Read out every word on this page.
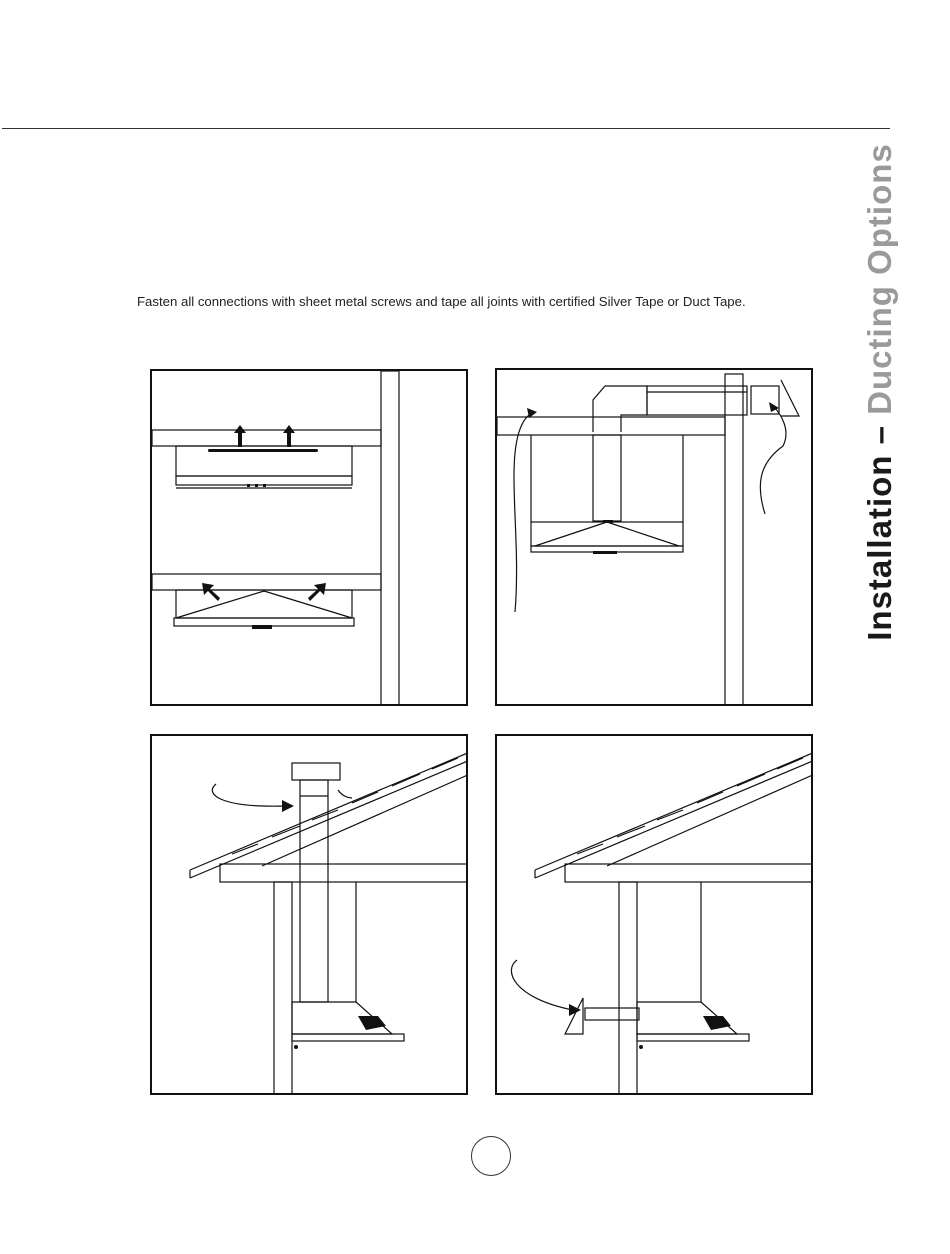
Installation – Ducting Options
Fasten all connections with sheet metal screws and tape all joints with certified Silver Tape or Duct Tape.
